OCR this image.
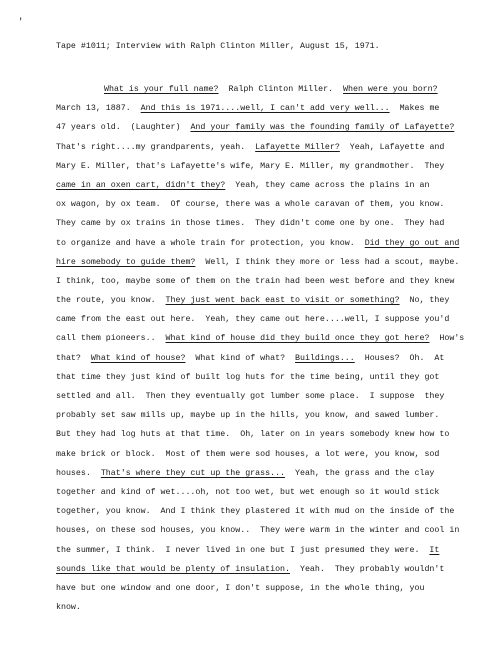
'
Tape #1011; Interview with Ralph Clinton Miller, August 15, 1971.
What is your full name?  Ralph Clinton Miller.  When were you born?
March 13, 1887.  And this is 1971....well, I can't add very well...  Makes me
47 years old.  (Laughter)  And your family was the founding family of Lafayette?
That's right....my grandparents, yeah.  Lafayette Miller?  Yeah, Lafayette and
Mary E. Miller, that's Lafayette's wife, Mary E. Miller, my grandmother.  They
came in an oxen cart, didn't they?  Yeah, they came across the plains in an
ox wagon, by ox team.  Of course, there was a whole caravan of them, you know.
They came by ox trains in those times.  They didn't come one by one.  They had
to organize and have a whole train for protection, you know.  Did they go out and
hire somebody to guide them?  Well, I think they more or less had a scout, maybe.
I think, too, maybe some of them on the train had been west before and they knew
the route, you know.  They just went back east to visit or something?  No, they
came from the east out here.  Yeah, they came out here....well, I suppose you'd
call them pioneers..  What kind of house did they build once they got here?  How's
that?  What kind of house?  What kind of what?  Buildings...  Houses?  Oh.  At
that time they just kind of built log huts for the time being, until they got
settled and all.  Then they eventually got lumber some place.  I suppose  they
probably set saw mills up, maybe up in the hills, you know, and sawed lumber.
But they had log huts at that time.  Oh, later on in years somebody knew how to
make brick or block.  Most of them were sod houses, a lot were, you know, sod
houses.  That's where they cut up the grass...  Yeah, the grass and the clay
together and kind of wet....oh, not too wet, but wet enough so it would stick
together, you know.  And I think they plastered it with mud on the inside of the
houses, on these sod houses, you know..  They were warm in the winter and cool in
the summer, I think.  I never lived in one but I just presumed they were.  It
sounds like that would be plenty of insulation.  Yeah.  They probably wouldn't
have but one window and one door, I don't suppose, in the whole thing, you
know.
